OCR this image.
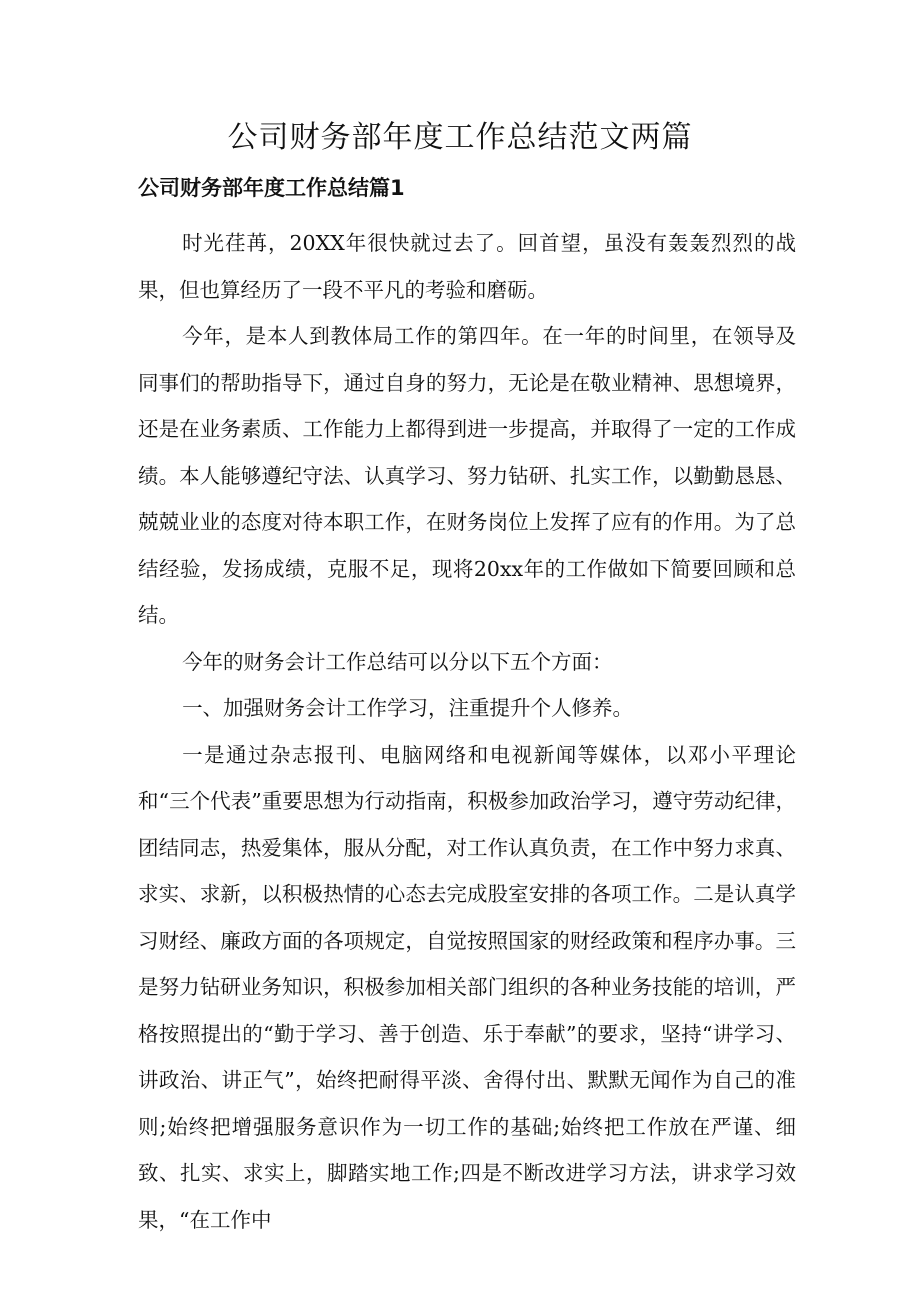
公司财务部年度工作总结范文两篇
公司财务部年度工作总结篇1

时光荏苒，20XX年很快就过去了。回首望，虽没有轰轰烈烈的战果，但也算经历了一段不平凡的考验和磨砺。

今年，是本人到教体局工作的第四年。在一年的时间里，在领导及同事们的帮助指导下，通过自身的努力，无论是在敬业精神、思想境界，还是在业务素质、工作能力上都得到进一步提高，并取得了一定的工作成绩。本人能够遵纪守法、认真学习、努力钻研、扎实工作，以勤勤恳恳、兢兢业业的态度对待本职工作，在财务岗位上发挥了应有的作用。为了总结经验，发扬成绩，克服不足，现将20xx年的工作做如下简要回顾和总结。

今年的财务会计工作总结可以分以下五个方面：

一、加强财务会计工作学习，注重提升个人修养。

一是通过杂志报刊、电脑网络和电视新闻等媒体，以邓小平理论和“三个代表”重要思想为行动指南，积极参加政治学习，遵守劳动纪律，团结同志，热爱集体，服从分配，对工作认真负责，在工作中努力求真、求实、求新，以积极热情的心态去完成股室安排的各项工作。二是认真学习财经、廉政方面的各项规定，自觉按照国家的财经政策和程序办事。三是努力钻研业务知识，积极参加相关部门组织的各种业务技能的培训，严格按照提出的“勤于学习、善于创造、乐于奉献”的要求，坚持“讲学习、讲政治、讲正气”，始终把耐得平淡、舍得付出、默默无闻作为自己的准则;始终把增强服务意识作为一切工作的基础;始终把工作放在严谨、细致、扎实、求实上，脚踏实地工作;四是不断改进学习方法，讲求学习效果，“在工作中
